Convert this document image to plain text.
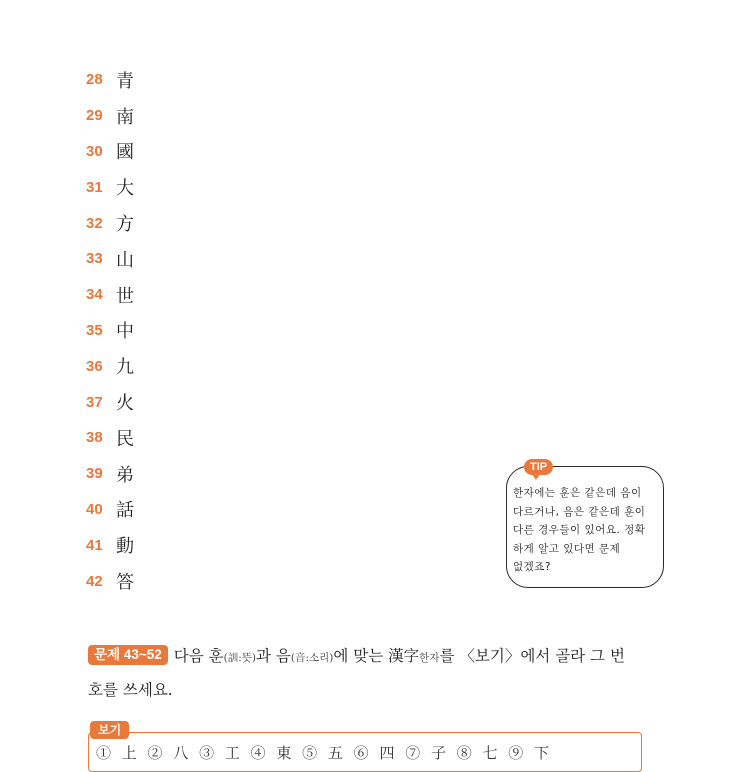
28 青
29 南
30 國
31 大
32 方
33 山
34 世
35 中
36 九
37 火
38 民
39 弟
40 話
41 動
42 答
TIP
한자에는 훈은 같은데 음이
다르거나, 음은 같은데 훈이
다른 경우들이 있어요. 정확
하게 알고 있다면 문제
없겠죠?
문제 43~52 다음 훈(訓:뜻)과 음(音:소리)에 맞는 漢字한자를 〈보기〉에서 골라 그 번
호를 쓰세요.
보기
① 上 ② 八 ③ 工 ④ 東 ⑤ 五 ⑥ 四 ⑦ 子 ⑧ 七 ⑨ 下
